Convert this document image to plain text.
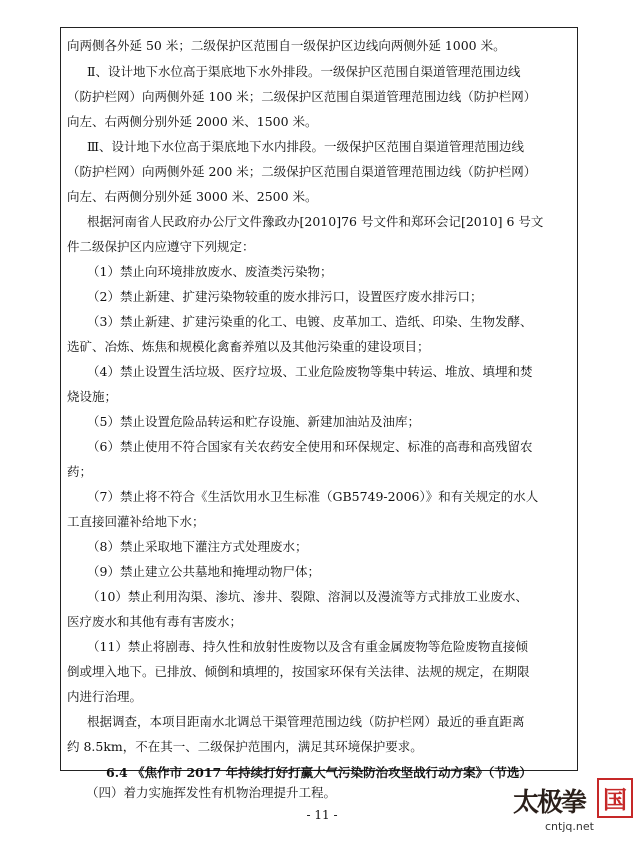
向两侧各外延 50 米；二级保护区范围自一级保护区边线向两侧外延 1000 米。
Ⅱ、设计地下水位高于渠底地下水外排段。一级保护区范围自渠道管理范围边线
（防护栏网）向两侧外延 100 米；二级保护区范围自渠道管理范围边线（防护栏网）
向左、右两侧分别外延 2000 米、1500 米。
Ⅲ、设计地下水位高于渠底地下水内排段。一级保护区范围自渠道管理范围边线
（防护栏网）向两侧外延 200 米；二级保护区范围自渠道管理范围边线（防护栏网）
向左、右两侧分别外延 3000 米、2500 米。
根据河南省人民政府办公厅文件豫政办[2010]76 号文件和郑环会记[2010] 6 号文
件二级保护区内应遵守下列规定：
（1）禁止向环境排放废水、废渣类污染物；
（2）禁止新建、扩建污染物较重的废水排污口，设置医疗废水排污口；
（3）禁止新建、扩建污染重的化工、电镀、皮革加工、造纸、印染、生物发酵、
选矿、冶炼、炼焦和规模化禽畜养殖以及其他污染重的建设项目；
（4）禁止设置生活垃圾、医疗垃圾、工业危险废物等集中转运、堆放、填埋和焚
烧设施；
（5）禁止设置危险品转运和贮存设施、新建加油站及油库；
（6）禁止使用不符合国家有关农药安全使用和环保规定、标准的高毒和高残留农
药；
（7）禁止将不符合《生活饮用水卫生标准（GB5749-2006）》和有关规定的水人
工直接回灌补给地下水；
（8）禁止采取地下灌注方式处理废水；
（9）禁止建立公共墓地和掩埋动物尸体；
（10）禁止利用沟渠、渗坑、渗井、裂隙、溶洞以及漫流等方式排放工业废水、
医疗废水和其他有毒有害废水；
（11）禁止将剧毒、持久性和放射性废物以及含有重金属废物等危险废物直接倾
倒或埋入地下。已排放、倾倒和填埋的，按国家环保有关法律、法规的规定，在期限
内进行治理。
根据调查，本项目距南水北调总干渠管理范围边线（防护栏网）最近的垂直距离
约 8.5km，不在其一、二级保护范围内，满足其环境保护要求。
6.4 《焦作市 2017 年持续打好打赢大气污染防治攻坚战行动方案》（节选）
（四）着力实施挥发性有机物治理提升工程。
- 11 -	太极拳 国
cntjq.net
